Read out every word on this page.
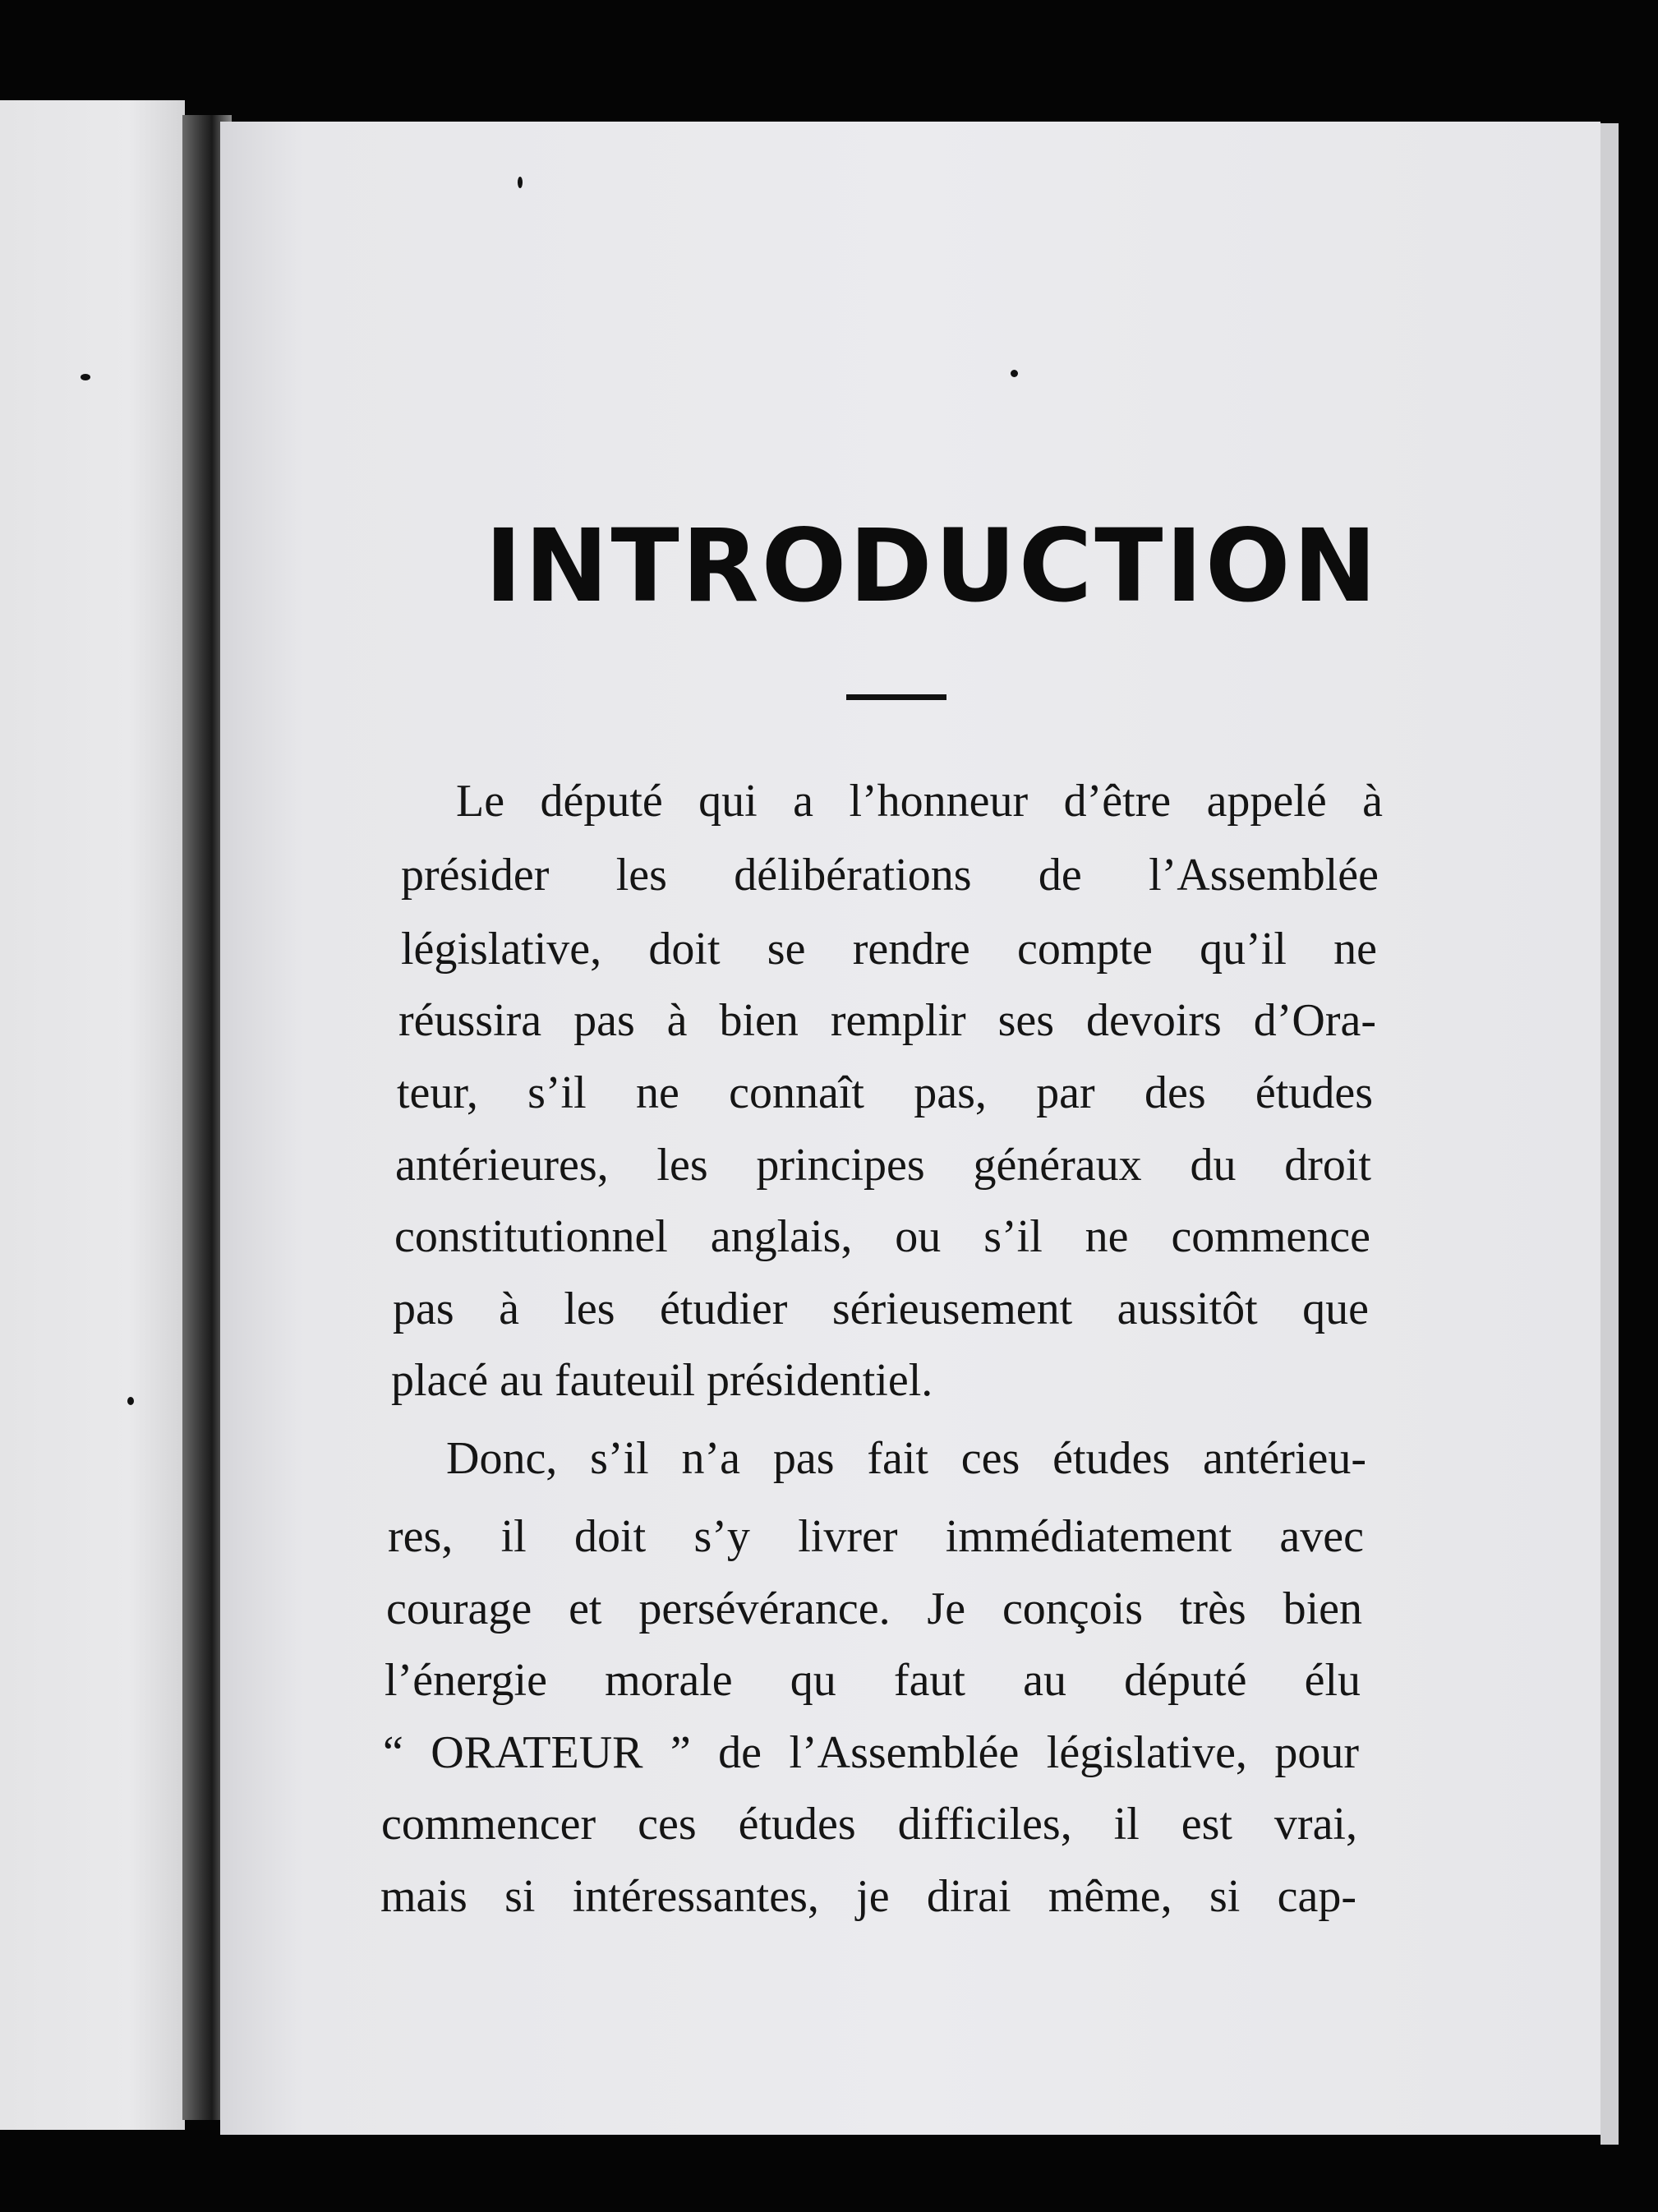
INTRODUCTION
Le député qui a l’honneur d’être appelé à
présider les délibérations de l’Assemblée
législative, doit se rendre compte qu’il ne
réussira pas à bien remplir ses devoirs d’Ora-
teur, s’il ne connaît pas, par des études
antérieures, les principes généraux du droit
constitutionnel anglais, ou s’il ne commence
pas à les étudier sérieusement aussitôt que
placé au fauteuil présidentiel.
Donc, s’il n’a pas fait ces études antérieu-
res, il doit s’y livrer immédiatement avec
courage et persévérance. Je conçois très bien
l’énergie morale qu faut au député élu
“ ORATEUR ” de l’Assemblée législative, pour
commencer ces études difficiles, il est vrai,
mais si intéressantes, je dirai même, si cap-
